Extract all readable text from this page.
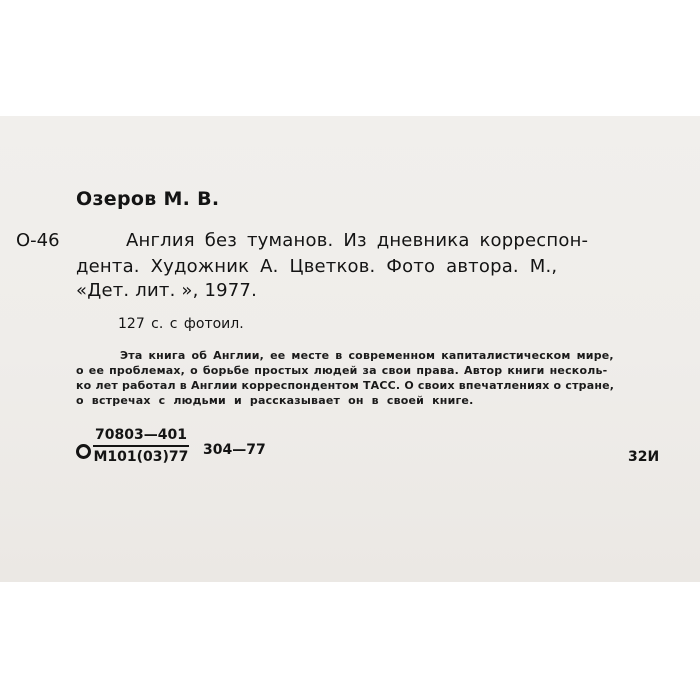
Озеров М. В.
О-46	Англия без туманов. Из дневника корреспон-
дента. Художник А. Цветков. Фото автора. М.,
«Дет. лит. », 1977.
127 с. с фотоил.
Эта книга об Англии, ее месте в современном капиталистическом мире,
о ее проблемах, о борьбе простых людей за свои права. Автор книги несколь-
ко лет работал в Англии корреспондентом ТАСС. О своих впечатлениях о стране,
о встречах с людьми и рассказывает он в своей книге.
70803—401
М101(03)77 304—77	32И
